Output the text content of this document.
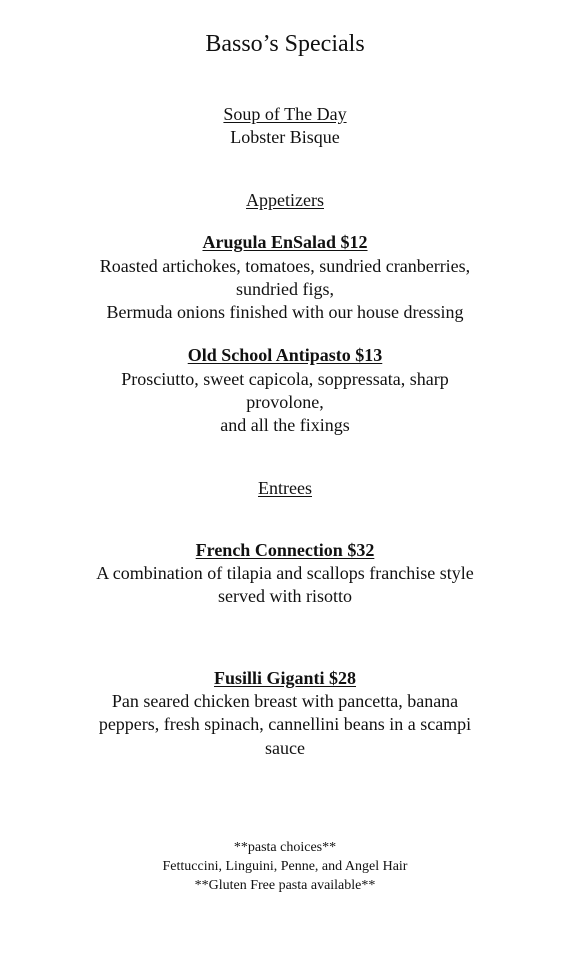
Basso’s Specials
Soup of The Day
Lobster Bisque
Appetizers
Arugula EnSalad $12
Roasted artichokes, tomatoes, sundried cranberries,
sundried figs,
Bermuda onions finished with our house dressing
Old School Antipasto $13
Prosciutto, sweet capicola, soppressata, sharp
provolone,
and all the fixings
Entrees
French Connection $32
A combination of tilapia and scallops franchise style
served with risotto
Fusilli Giganti $28
Pan seared chicken breast with pancetta, banana
peppers, fresh spinach, cannellini beans in a scampi
sauce
**pasta choices**
Fettuccini, Linguini, Penne, and Angel Hair
**Gluten Free pasta available**
